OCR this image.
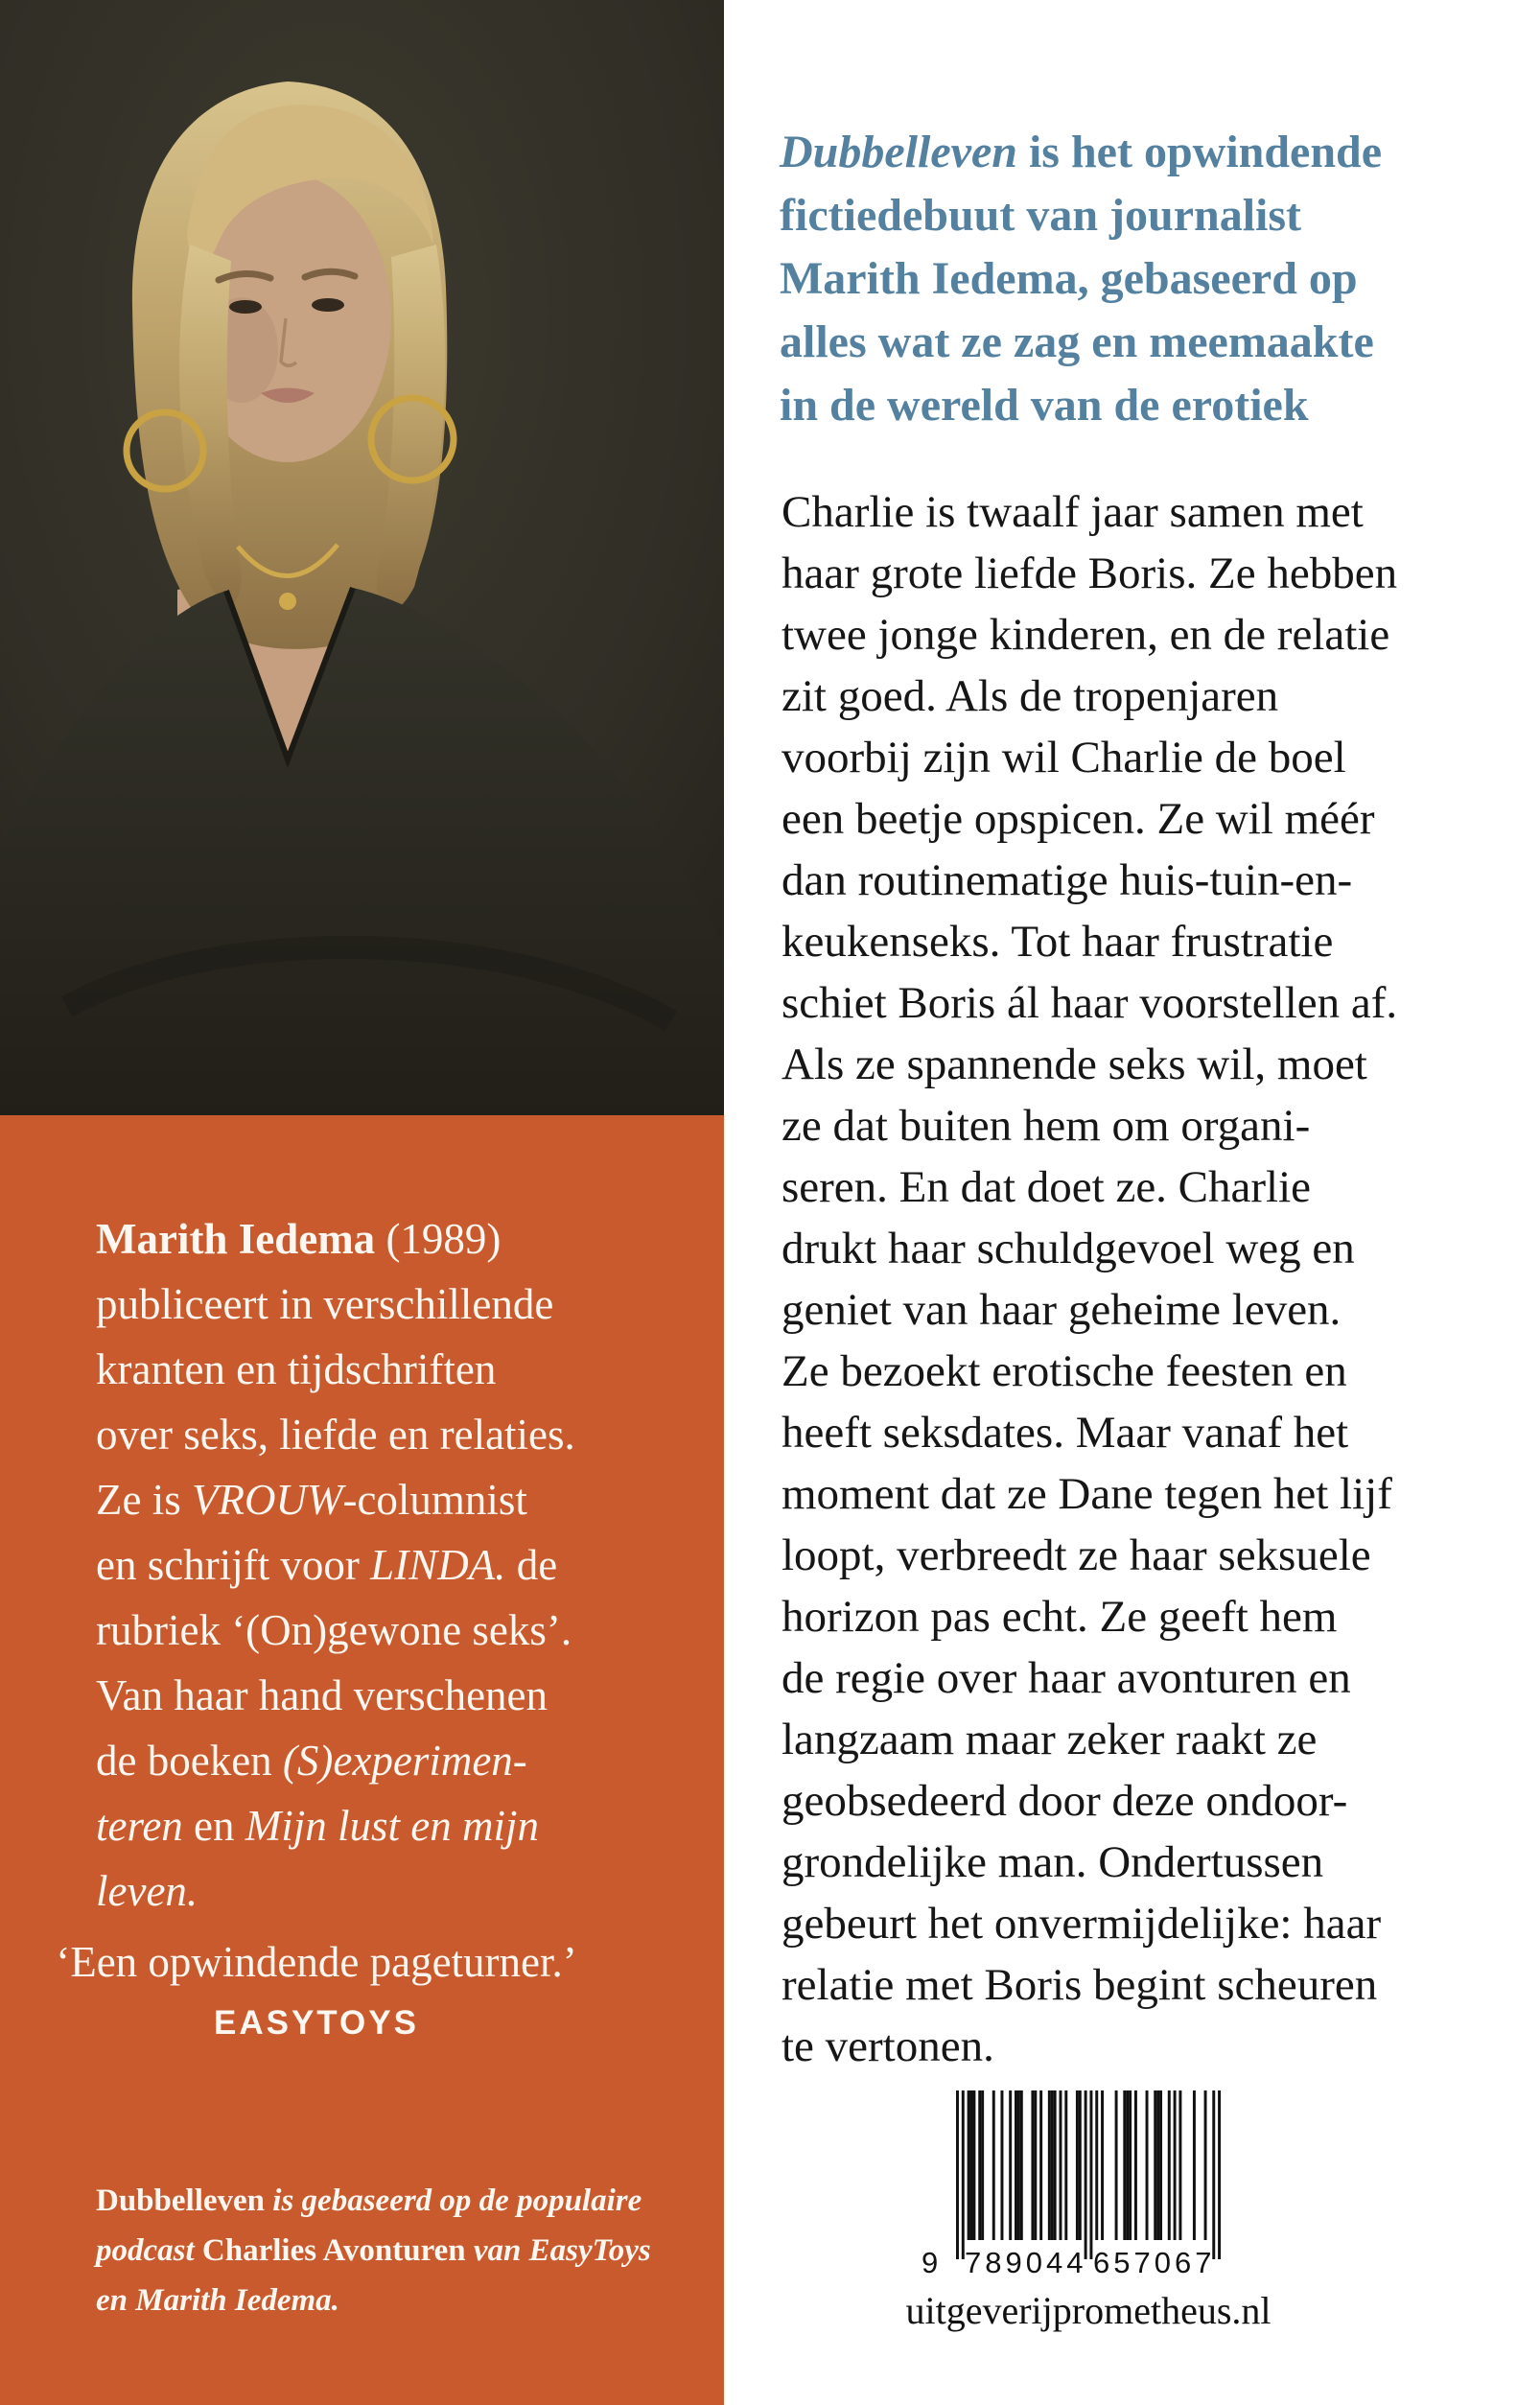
Marith Iedema (1989)
publiceert in verschillende
kranten en tijdschriften
over seks, liefde en relaties.
Ze is VROUW-columnist
en schrijft voor LINDA. de
rubriek ‘(On)gewone seks’.
Van haar hand verschenen
de boeken (S)experimen-
teren en Mijn lust en mijn
leven.
‘Een opwindende pageturner.’
EASYTOYS
Dubbelleven is gebaseerd op de populaire
podcast Charlies Avonturen van EasyToys
en Marith Iedema.
Dubbelleven is het opwindende
fictiedebuut van journalist
Marith Iedema, gebaseerd op
alles wat ze zag en meemaakte
in de wereld van de erotiek
Charlie is twaalf jaar samen met
haar grote liefde Boris. Ze hebben
twee jonge kinderen, en de relatie
zit goed. Als de tropenjaren
voorbij zijn wil Charlie de boel
een beetje opspicen. Ze wil méér
dan routinematige huis-tuin-en-
keukenseks. Tot haar frustratie
schiet Boris ál haar voorstellen af.
Als ze spannende seks wil, moet
ze dat buiten hem om organi-
seren. En dat doet ze. Charlie
drukt haar schuldgevoel weg en
geniet van haar geheime leven.
Ze bezoekt erotische feesten en
heeft seksdates. Maar vanaf het
moment dat ze Dane tegen het lijf
loopt, verbreedt ze haar seksuele
horizon pas echt. Ze geeft hem
de regie over haar avonturen en
langzaam maar zeker raakt ze
geobsedeerd door deze ondoor-
grondelijke man. Ondertussen
gebeurt het onvermijdelijke: haar
relatie met Boris begint scheuren
te vertonen.
9 789044 657067
uitgeverijprometheus.nl
